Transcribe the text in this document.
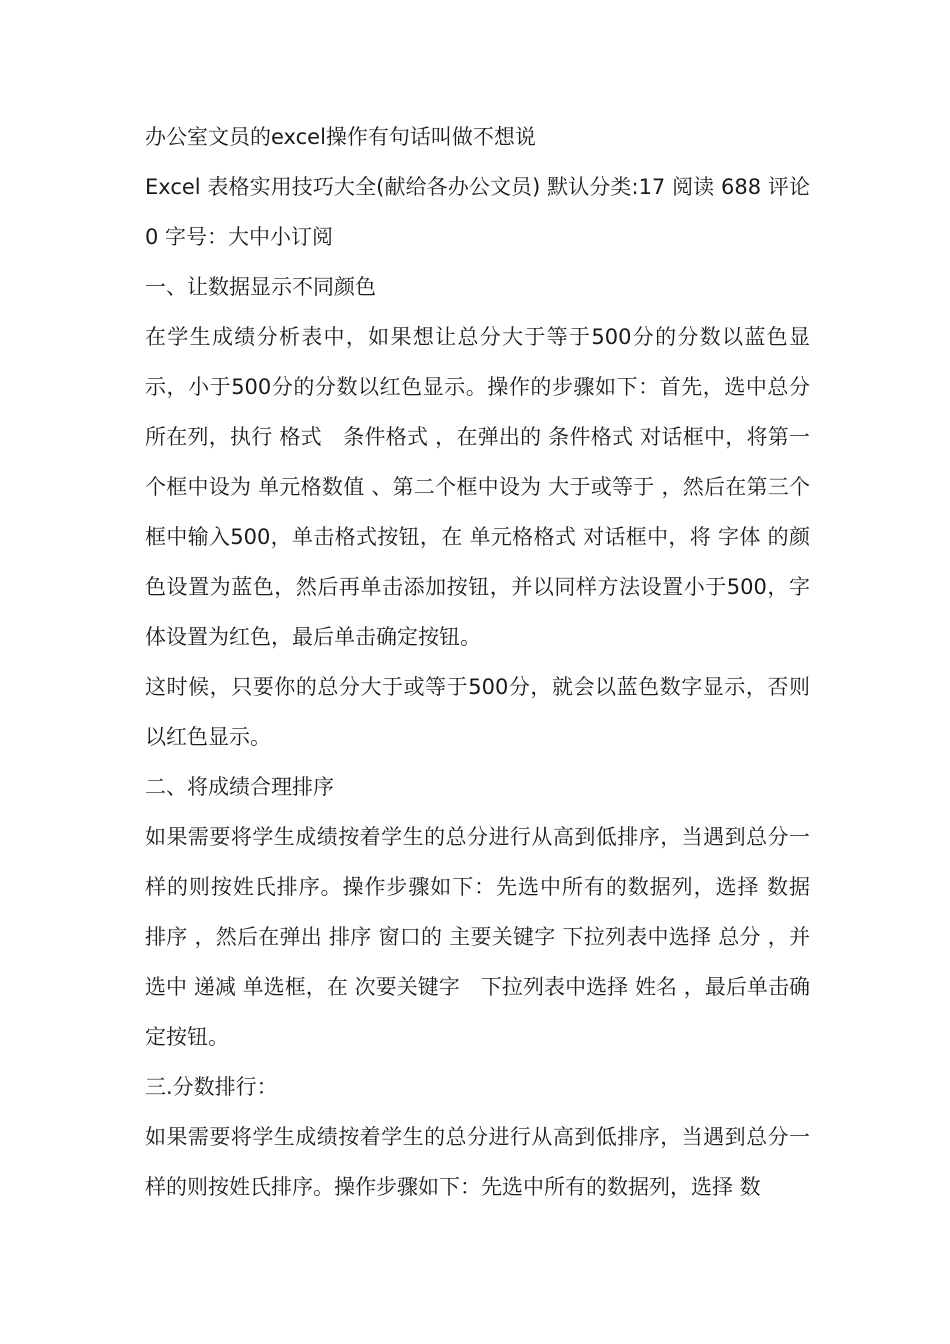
办公室文员的excel操作有句话叫做不想说

Excel 表格实用技巧大全(献给各办公文员) 默认分类:17 阅读 688 评论 0 字号：大中小订阅

一、让数据显示不同颜色

在学生成绩分析表中，如果想让总分大于等于500分的分数以蓝色显示，小于500分的分数以红色显示。操作的步骤如下：首先，选中总分所在列，执行 格式　条件格式 ，在弹出的 条件格式 对话框中，将第一个框中设为 单元格数值 、第二个框中设为 大于或等于 ，然后在第三个框中输入500，单击格式按钮，在 单元格格式 对话框中，将 字体 的颜色设置为蓝色，然后再单击添加按钮，并以同样方法设置小于500，字体设置为红色，最后单击确定按钮。

这时候，只要你的总分大于或等于500分，就会以蓝色数字显示，否则以红色显示。

二、将成绩合理排序

如果需要将学生成绩按着学生的总分进行从高到低排序，当遇到总分一样的则按姓氏排序。操作步骤如下：先选中所有的数据列，选择 数据　排序 ，然后在弹出 排序 窗口的 主要关键字 下拉列表中选择 总分 ，并选中 递减 单选框，在 次要关键字　下拉列表中选择 姓名 ，最后单击确定按钮。

三.分数排行：

如果需要将学生成绩按着学生的总分进行从高到低排序，当遇到总分一样的则按姓氏排序。操作步骤如下：先选中所有的数据列，选择 数
